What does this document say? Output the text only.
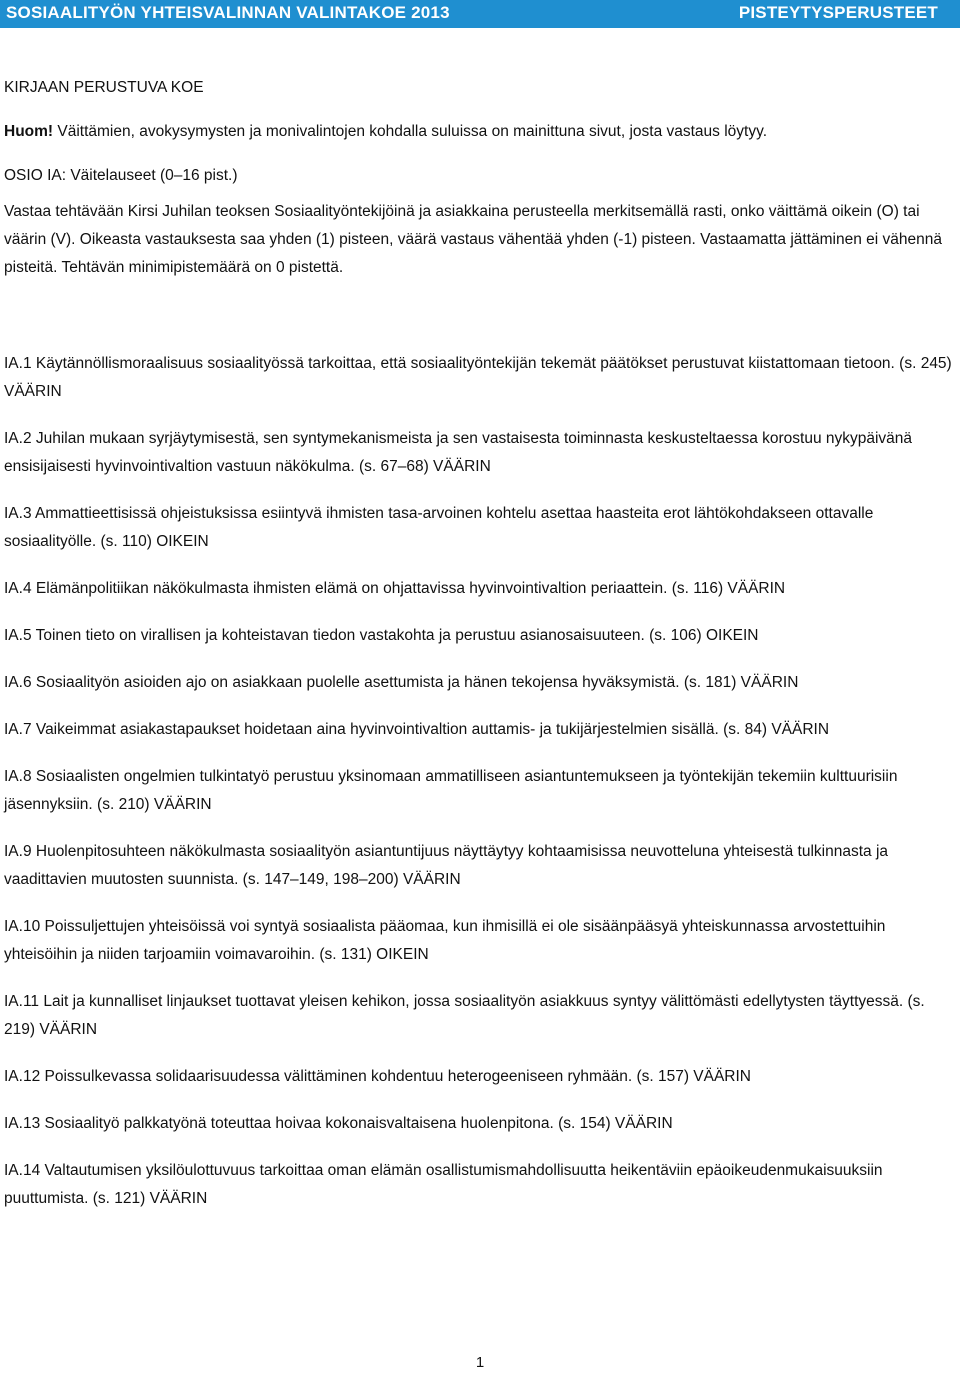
SOSIAALITYÖN YHTEISVALINNAN VALINTAKOE 2013	PISTEYTYSPERUSTEET

KIRJAAN PERUSTUVA KOE

Huom! Väittämien, avokysymysten ja monivalintojen kohdalla suluissa on mainittuna sivut, josta vastaus löytyy.

OSIO IA: Väitelauseet (0–16 pist.)

Vastaa tehtävään Kirsi Juhilan teoksen Sosiaalityöntekijöinä ja asiakkaina perusteella merkitsemällä rasti, onko väittämä oikein (O) tai väärin (V). Oikeasta vastauksesta saa yhden (1) pisteen, väärä vastaus vähentää yhden (-1) pisteen. Vastaamatta jättäminen ei vähennä pisteitä. Tehtävän minimipistemäärä on 0 pistettä.

IA.1 Käytännöllismoraalisuus sosiaalityössä tarkoittaa, että sosiaalityöntekijän tekemät päätökset perustuvat kiistattomaan tietoon. (s. 245) VÄÄRIN

IA.2 Juhilan mukaan syrjäytymisestä, sen syntymekanismeista ja sen vastaisesta toiminnasta keskusteltaessa korostuu nykypäivänä ensisijaisesti hyvinvointivaltion vastuun näkökulma. (s. 67–68) VÄÄRIN

IA.3 Ammattieettisissä ohjeistuksissa esiintyvä ihmisten tasa-arvoinen kohtelu asettaa haasteita erot lähtökohdakseen ottavalle sosiaalityölle. (s. 110) OIKEIN

IA.4 Elämänpolitiikan näkökulmasta ihmisten elämä on ohjattavissa hyvinvointivaltion periaattein. (s. 116) VÄÄRIN

IA.5 Toinen tieto on virallisen ja kohteistavan tiedon vastakohta ja perustuu asianosaisuuteen. (s. 106) OIKEIN

IA.6 Sosiaalityön asioiden ajo on asiakkaan puolelle asettumista ja hänen tekojensa hyväksymistä. (s. 181) VÄÄRIN

IA.7 Vaikeimmat asiakastapaukset hoidetaan aina hyvinvointivaltion auttamis- ja tukijärjestelmien sisällä. (s. 84) VÄÄRIN

IA.8 Sosiaalisten ongelmien tulkintatyö perustuu yksinomaan ammatilliseen asiantuntemukseen ja työntekijän tekemiin kulttuurisiin jäsennyksiin. (s. 210) VÄÄRIN

IA.9 Huolenpitosuhteen näkökulmasta sosiaalityön asiantuntijuus näyttäytyy kohtaamisissa neuvotteluna yhteisestä tulkinnasta ja vaadittavien muutosten suunnista. (s. 147–149, 198–200) VÄÄRIN

IA.10 Poissuljettujen yhteisöissä voi syntyä sosiaalista pääomaa, kun ihmisillä ei ole sisäänpääsyä yhteiskunnassa arvostettuihin yhteisöihin ja niiden tarjoamiin voimavaroihin. (s. 131) OIKEIN

IA.11 Lait ja kunnalliset linjaukset tuottavat yleisen kehikon, jossa sosiaalityön asiakkuus syntyy välittömästi edellytysten täyttyessä. (s. 219) VÄÄRIN

IA.12 Poissulkevassa solidaarisuudessa välittäminen kohdentuu heterogeeniseen ryhmään. (s. 157) VÄÄRIN

IA.13 Sosiaalityö palkkatyönä toteuttaa hoivaa kokonaisvaltaisena huolenpitona. (s. 154) VÄÄRIN

IA.14 Valtautumisen yksilöulottuvuus tarkoittaa oman elämän osallistumismahdollisuutta heikentäviin epäoikeudenmukaisuuksiin puuttumista. (s. 121) VÄÄRIN

1
